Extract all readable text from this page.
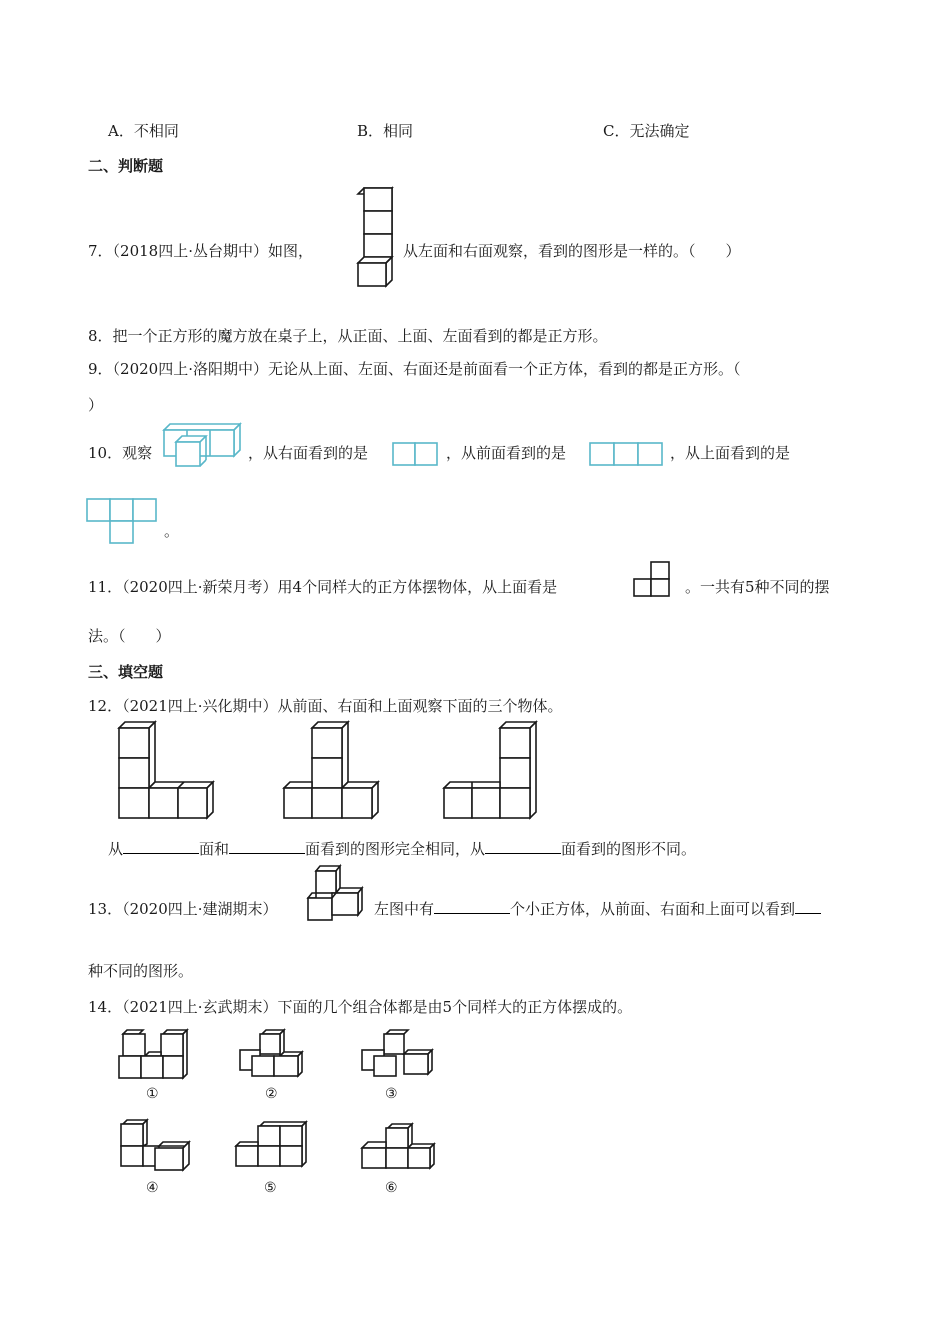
A．不相同	B．相同	C．无法确定
二、判断题
7．（2018四上·丛台期中）如图，	从左面和右面观察，看到的图形是一样的。（　　）
8．把一个正方形的魔方放在桌子上，从正面、上面、左面看到的都是正方形。
9．（2020四上·洛阳期中）无论从上面、左面、右面还是前面看一个正方体，看到的都是正方形。（
）
10．观察	，从右面看到的是	，从前面看到的是	，从上面看到的是
。
11．（2020四上·新荣月考）用4个同样大的正方体摆物体，从上面看是	。一共有5种不同的摆
法。（　　）
三、填空题
12．（2021四上·兴化期中）从前面、右面和上面观察下面的三个物体。
从	面和	面看到的图形完全相同，从	面看到的图形不同。
13．（2020四上·建湖期末）	左图中有	个小正方体，从前面、右面和上面可以看到
种不同的图形。
14．（2021四上·玄武期末）下面的几个组合体都是由5个同样大的正方体摆成的。
①	②	③
④	⑤	⑥
